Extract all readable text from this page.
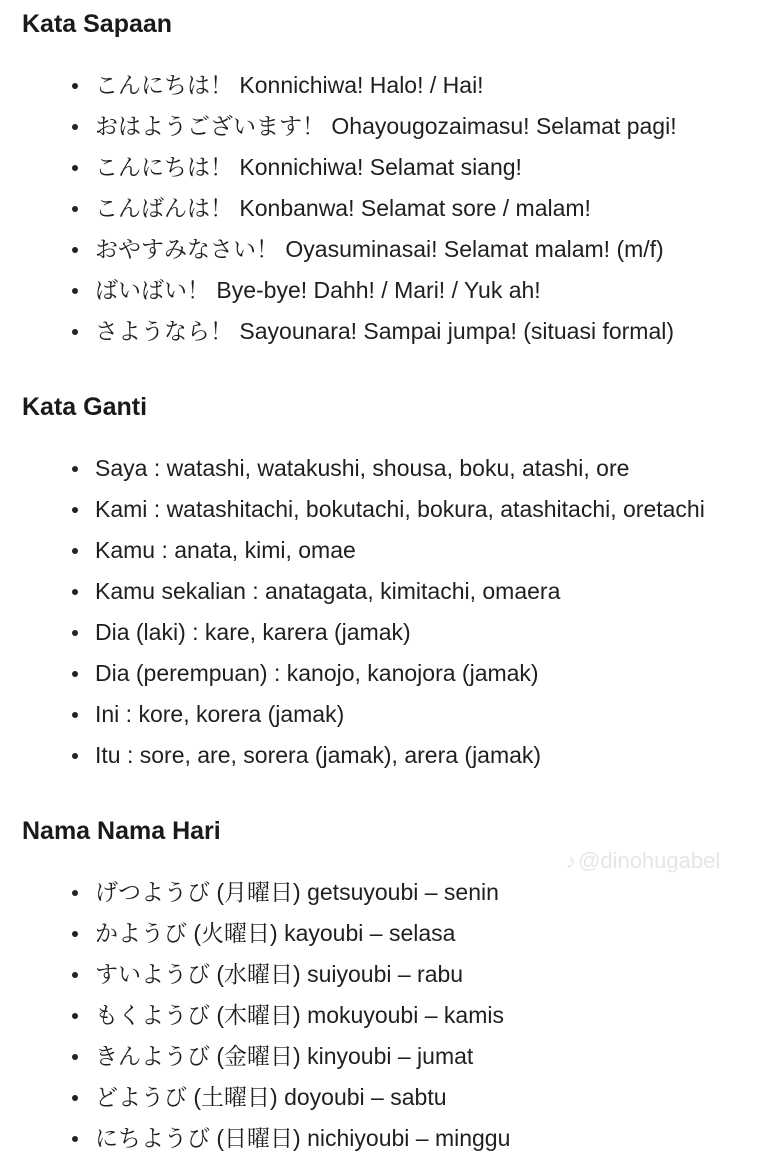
Kata Sapaan
こんにちは！ Konnichiwa! Halo! / Hai!
おはようございます！ Ohayougozaimasu! Selamat pagi!
こんにちは！ Konnichiwa! Selamat siang!
こんばんは！ Konbanwa! Selamat sore / malam!
おやすみなさい！ Oyasuminasai! Selamat malam! (m/f)
ばいばい！ Bye-bye! Dahh! / Mari! / Yuk ah!
さようなら！ Sayounara! Sampai jumpa! (situasi formal)
Kata Ganti
Saya : watashi, watakushi, shousa, boku, atashi, ore
Kami : watashitachi, bokutachi, bokura, atashitachi, oretachi
Kamu : anata, kimi, omae
Kamu sekalian : anatagata, kimitachi, omaera
Dia (laki) : kare, karera (jamak)
Dia (perempuan) : kanojo, kanojora (jamak)
Ini : kore, korera (jamak)
Itu : sore, are, sorera (jamak), arera (jamak)
Nama Nama Hari
げつようび (月曜日) getsuyoubi – senin
かようび (火曜日) kayoubi – selasa
すいようび (水曜日) suiyoubi – rabu
もくようび (木曜日) mokuyoubi – kamis
きんようび (金曜日) kinyoubi – jumat
どようび (土曜日) doyoubi – sabtu
にちようび (日曜日) nichiyoubi – minggu
♪@dinohugabel
